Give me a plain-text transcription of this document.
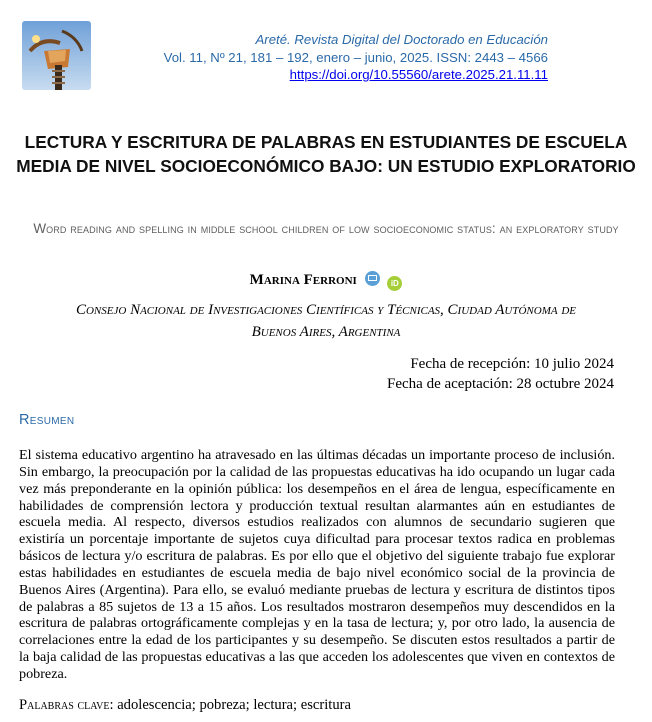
Areté. Revista Digital del Doctorado en Educación
Vol. 11, Nº 21, 181 – 192, enero – junio, 2025. ISSN: 2443 – 4566
https://doi.org/10.55560/arete.2025.21.11.11
LECTURA Y ESCRITURA DE PALABRAS EN ESTUDIANTES DE ESCUELA MEDIA DE NIVEL SOCIOECONÓMICO BAJO: UN ESTUDIO EXPLORATORIO
Word reading and spelling in middle school children of low socioeconomic status: an exploratory study
Marina Ferroni	iD
Consejo Nacional de Investigaciones Científicas y Técnicas, Ciudad Autónoma de
Buenos Aires, Argentina
Fecha de recepción: 10 julio 2024
Fecha de aceptación: 28 octubre 2024
Resumen
El sistema educativo argentino ha atravesado en las últimas décadas un importante proceso de inclusión. Sin embargo, la preocupación por la calidad de las propuestas educativas ha ido ocupando un lugar cada vez más preponderante en la opinión pública: los desempeños en el área de lengua, específicamente en habilidades de comprensión lectora y producción textual resultan alarmantes aún en estudiantes de escuela media. Al respecto, diversos estudios realizados con alumnos de secundario sugieren que existiría un porcentaje importante de sujetos cuya dificultad para procesar textos radica en problemas básicos de lectura y/o escritura de palabras. Es por ello que el objetivo del siguiente trabajo fue explorar estas habilidades en estudiantes de escuela media de bajo nivel económico social de la provincia de Buenos Aires (Argentina). Para ello, se evaluó mediante pruebas de lectura y escritura de distintos tipos de palabras a 85 sujetos de 13 a 15 años. Los resultados mostraron desempeños muy descendidos en la escritura de palabras ortográficamente complejas y en la tasa de lectura; y, por otro lado, la ausencia de correlaciones entre la edad de los participantes y su desempeño. Se discuten estos resultados a partir de la baja calidad de las propuestas educativas a las que acceden los adolescentes que viven en contextos de pobreza.
Palabras clave: adolescencia; pobreza; lectura; escritura
